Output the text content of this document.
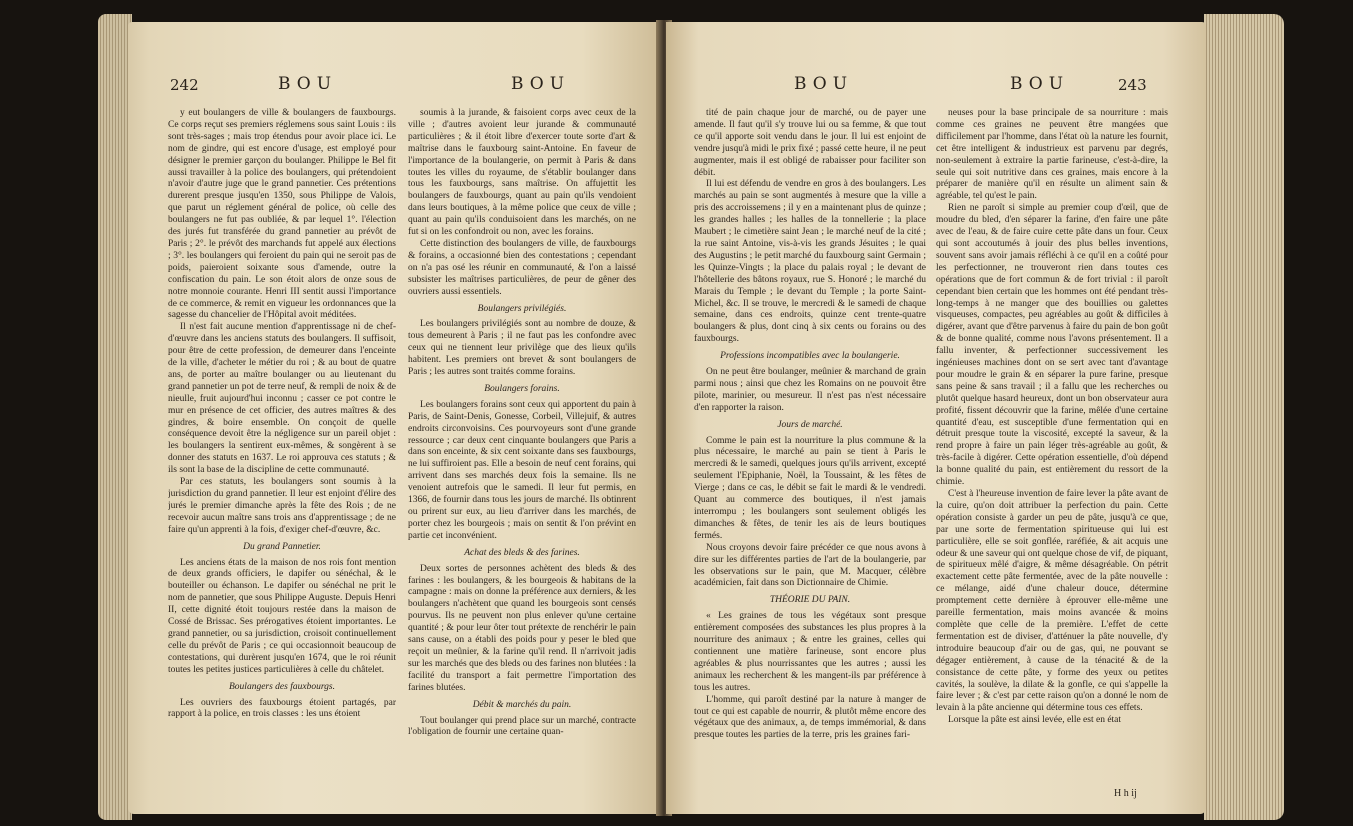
242	BOU	BOU

y eut boulangers de ville & boulangers de fauxbourgs. Ce corps reçut ses premiers réglemens sous saint Louis : ils sont très-sages ; mais trop étendus pour avoir place ici. Le nom de gindre, qui est encore d'usage, est employé pour désigner le premier garçon du boulanger. Philippe le Bel fit aussi travailler à la police des boulangers, qui prétendoient n'avoir d'autre juge que le grand pannetier. Ces prétentions durerent presque jusqu'en 1350, sous Philippe de Valois, que parut un réglement général de police, où celle des boulangers ne fut pas oubliée, & par lequel 1°. l'élection des jurés fut transférée du grand pannetier au prévôt de Paris ; 2°. le prévôt des marchands fut appelé aux élections ; 3°. les boulangers qui feroient du pain qui ne seroit pas de poids, paieroient soixante sous d'amende, outre la confiscation du pain. Le son étoit alors de onze sous de notre monnoie courante. Henri III sentit aussi l'importance de ce commerce, & remit en vigueur les ordonnances que la sagesse du chancelier de l'Hôpital avoit méditées.

Il n'est fait aucune mention d'apprentissage ni de chef-d'œuvre dans les anciens statuts des boulangers. Il suffisoit, pour être de cette profession, de demeurer dans l'enceinte de la ville, d'acheter le métier du roi ; & au bout de quatre ans, de porter au maître boulanger ou au lieutenant du grand pannetier un pot de terre neuf, & rempli de noix & de nieulle, fruit aujourd'hui inconnu ; casser ce pot contre le mur en présence de cet officier, des autres maîtres & des gindres, & boire ensemble. On conçoit de quelle conséquence devoit être la négligence sur un pareil objet : les boulangers la sentirent eux-mêmes, & songèrent à se donner des statuts en 1637. Le roi approuva ces statuts ; & ils sont la base de la discipline de cette communauté.

Par ces statuts, les boulangers sont soumis à la jurisdiction du grand pannetier. Il leur est enjoint d'élire des jurés le premier dimanche après la fête des Rois ; de ne recevoir aucun maître sans trois ans d'apprentissage ; de ne faire qu'un apprenti à la fois, d'exiger chef-d'œuvre, &c.

Du grand Pannetier.

Les anciens états de la maison de nos rois font mention de deux grands officiers, le dapifer ou sénéchal, & le bouteiller ou échanson. Le dapifer ou sénéchal ne prit le nom de pannetier, que sous Philippe Auguste. Depuis Henri II, cette dignité étoit toujours restée dans la maison de Cossé de Brissac. Ses prérogatives étoient importantes. Le grand pannetier, ou sa jurisdiction, croisoit continuellement celle du prévôt de Paris ; ce qui occasionnoit beaucoup de contestations, qui durèrent jusqu'en 1674, que le roi réunit toutes les petites justices particulières à celle du châtelet.

Boulangers des fauxbourgs.

Les ouvriers des fauxbourgs étoient partagés, par rapport à la police, en trois classes : les uns étoient

soumis à la jurande, & faisoient corps avec ceux de la ville ; d'autres avoient leur jurande & communauté particulières ; & il étoit libre d'exercer toute sorte d'art & maîtrise dans le fauxbourg saint-Antoine. En faveur de l'importance de la boulangerie, on permit à Paris & dans toutes les villes du royaume, de s'établir boulanger dans tous les fauxbourgs, sans maîtrise. On affujettit les boulangers de fauxbourgs, quant au pain qu'ils vendoient dans leurs boutiques, à la même police que ceux de ville ; quant au pain qu'ils conduisoient dans les marchés, on ne fut si on les confondroit ou non, avec les forains.

Cette distinction des boulangers de ville, de fauxbourgs & forains, a occasionné bien des contestations ; cependant on n'a pas osé les réunir en communauté, & l'on a laissé subsister les maîtrises particulières, de peur de gêner des ouvriers aussi essentiels.

Boulangers privilégiés.

Les boulangers privilégiés sont au nombre de douze, & tous demeurent à Paris ; il ne faut pas les confondre avec ceux qui ne tiennent leur privilège que des lieux qu'ils habitent. Les premiers ont brevet & sont boulangers de Paris ; les autres sont traités comme forains.

Boulangers forains.

Les boulangers forains sont ceux qui apportent du pain à Paris, de Saint-Denis, Gonesse, Corbeil, Villejuif, & autres endroits circonvoisins. Ces pourvoyeurs sont d'une grande ressource ; car deux cent cinquante boulangers que Paris a dans son enceinte, & six cent soixante dans ses fauxbourgs, ne lui suffiroient pas. Elle a besoin de neuf cent forains, qui arrivent dans ses marchés deux fois la semaine. Ils ne venoient autrefois que le samedi. Il leur fut permis, en 1366, de fournir dans tous les jours de marché. Ils obtinrent ou prirent sur eux, au lieu d'arriver dans les marchés, de porter chez les bourgeois ; mais on sentit & l'on prévint en partie cet inconvénient.

Achat des bleds & des farines.

Deux sortes de personnes achètent des bleds & des farines : les boulangers, & les bourgeois & habitans de la campagne : mais on donne la préférence aux derniers, & les boulangers n'achètent que quand les bourgeois sont censés pourvus. Ils ne peuvent non plus enlever qu'une certaine quantité ; & pour leur ôter tout prétexte de renchérir le pain sans cause, on a établi des poids pour y peser le bled que reçoit un meûnier, & la farine qu'il rend. Il n'arrivoit jadis sur les marchés que des bleds ou des farines non blutées : la facilité du transport a fait permettre l'importation des farines blutées.

Débit & marchés du pain.

Tout boulanger qui prend place sur un marché, contracte l'obligation de fournir une certaine quan-

BOU	BOU	243

tité de pain chaque jour de marché, ou de payer une amende. Il faut qu'il s'y trouve lui ou sa femme, & que tout ce qu'il apporte soit vendu dans le jour. Il lui est enjoint de vendre jusqu'à midi le prix fixé ; passé cette heure, il ne peut augmenter, mais il est obligé de rabaisser pour faciliter son débit.

Il lui est défendu de vendre en gros à des boulangers. Les marchés au pain se sont augmentés à mesure que la ville a pris des accroissemens ; il y en a maintenant plus de quinze ; les grandes halles ; les halles de la tonnellerie ; la place Maubert ; le cimetière saint Jean ; le marché neuf de la cité ; la rue saint Antoine, vis-à-vis les grands Jésuites ; le quai des Augustins ; le petit marché du fauxbourg saint Germain ; les Quinze-Vingts ; la place du palais royal ; le devant de l'hôtellerie des bâtons royaux, rue S. Honoré ; le marché du Marais du Temple ; le devant du Temple ; la porte Saint-Michel, &c. Il se trouve, le mercredi & le samedi de chaque semaine, dans ces endroits, quinze cent trente-quatre boulangers & plus, dont cinq à six cents ou forains ou des fauxbourgs.

Professions incompatibles avec la boulangerie.

On ne peut être boulanger, meûnier & marchand de grain parmi nous ; ainsi que chez les Romains on ne pouvoit être pilote, marinier, ou mesureur. Il n'est pas n'est nécessaire d'en rapporter la raison.

Jours de marché.

Comme le pain est la nourriture la plus commune & la plus nécessaire, le marché au pain se tient à Paris le mercredi & le samedi, quelques jours qu'ils arrivent, excepté seulement l'Epiphanie, Noël, la Toussaint, & les fêtes de Vierge ; dans ce cas, le débit se fait le mardi & le vendredi. Quant au commerce des boutiques, il n'est jamais interrompu ; les boulangers sont seulement obligés les dimanches & fêtes, de tenir les ais de leurs boutiques fermés.

Nous croyons devoir faire précéder ce que nous avons à dire sur les différentes parties de l'art de la boulangerie, par les observations sur le pain, que M. Macquer, célèbre académicien, fait dans son Dictionnaire de Chimie.

THÉORIE DU PAIN.

« Les graines de tous les végétaux sont presque entièrement composées des substances les plus propres à la nourriture des animaux ; & entre les graines, celles qui contiennent une matière farineuse, sont encore plus agréables & plus nourrissantes que les autres ; aussi les animaux les recherchent & les mangent-ils par préférence à tous les autres.

L'homme, qui paroît destiné par la nature à manger de tout ce qui est capable de nourrir, & plutôt même encore des végétaux que des animaux, a, de temps immémorial, & dans presque toutes les parties de la terre, pris les graines fari-

neuses pour la base principale de sa nourriture : mais comme ces graines ne peuvent être mangées que difficilement par l'homme, dans l'état où la nature les fournit, cet être intelligent & industrieux est parvenu par degrés, non-seulement à extraire la partie farineuse, c'est-à-dire, la seule qui soit nutritive dans ces graines, mais encore à la préparer de manière qu'il en résulte un aliment sain & agréable, tel qu'est le pain.

Rien ne paroît si simple au premier coup d'œil, que de moudre du bled, d'en séparer la farine, d'en faire une pâte avec de l'eau, & de faire cuire cette pâte dans un four. Ceux qui sont accoutumés à jouir des plus belles inventions, souvent sans avoir jamais réfléchi à ce qu'il en a coûté pour les perfectionner, ne trouveront rien dans toutes ces opérations que de fort commun & de fort trivial : il paroît cependant bien certain que les hommes ont été pendant très-long-temps à ne manger que des bouillies ou galettes visqueuses, compactes, peu agréables au goût & difficiles à digérer, avant que d'être parvenus à faire du pain de bon goût & de bonne qualité, comme nous l'avons présentement. Il a fallu inventer, & perfectionner successivement les ingénieuses machines dont on se sert avec tant d'avantage pour moudre le grain & en séparer la pure farine, presque sans peine & sans travail ; il a fallu que les recherches ou plutôt quelque hasard heureux, dont un bon observateur aura profité, fissent découvrir que la farine, mêlée d'une certaine quantité d'eau, est susceptible d'une fermentation qui en détruit presque toute la viscosité, excepté la saveur, & la rend propre à faire un pain léger très-agréable au goût, & très-facile à digérer. Cette opération essentielle, d'où dépend la bonne qualité du pain, est entièrement du ressort de la chimie.

C'est à l'heureuse invention de faire lever la pâte avant de la cuire, qu'on doit attribuer la perfection du pain. Cette opération consiste à garder un peu de pâte, jusqu'à ce que, par une sorte de fermentation spiritueuse qui lui est particulière, elle se soit gonflée, raréfiée, & ait acquis une odeur & une saveur qui ont quelque chose de vif, de piquant, de spiritueux mêlé d'aigre, & même désagréable. On pétrit exactement cette pâte fermentée, avec de la pâte nouvelle : ce mélange, aidé d'une chaleur douce, détermine promptement cette dernière à éprouver elle-même une pareille fermentation, mais moins avancée & moins complète que celle de la première. L'effet de cette fermentation est de diviser, d'atténuer la pâte nouvelle, d'y introduire beaucoup d'air ou de gas, qui, ne pouvant se dégager entièrement, à cause de la ténacité & de la consistance de cette pâte, y forme des yeux ou petites cavités, la soulève, la dilate & la gonfle, ce qui s'appelle la faire lever ; & c'est par cette raison qu'on a donné le nom de levain à la pâte ancienne qui détermine tous ces effets.

Lorsque la pâte est ainsi levée, elle est en état

H h ij
